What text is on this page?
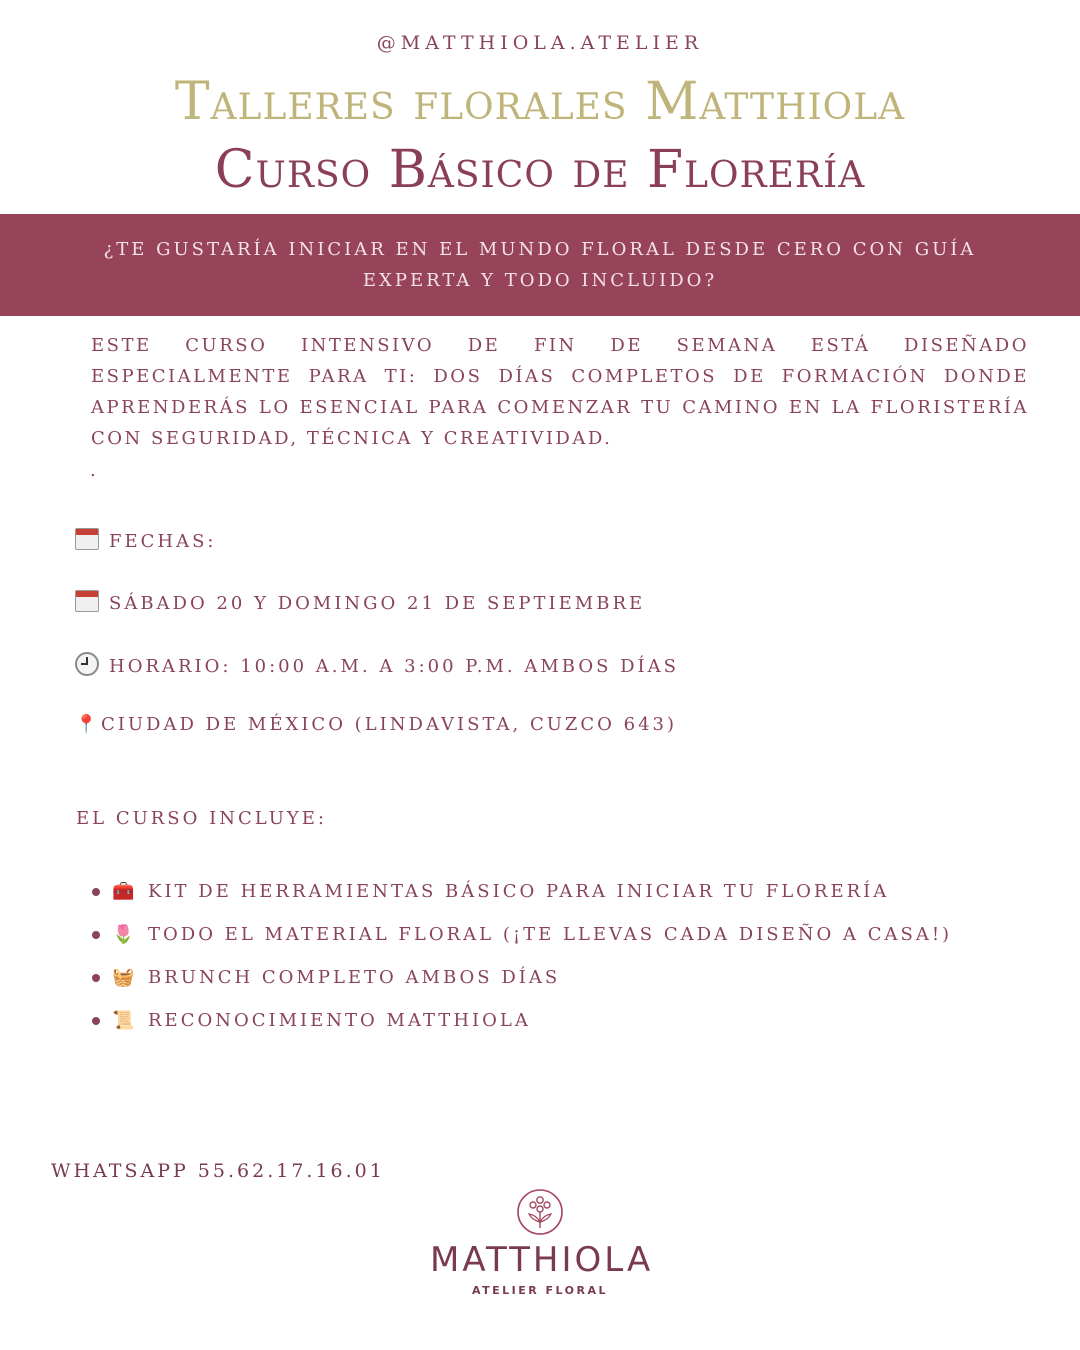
@MATTHIOLA.ATELIER
Talleres florales Matthiola
Curso Básico de Florería
¿TE GUSTARÍA INICIAR EN EL MUNDO FLORAL DESDE CERO CON GUÍA EXPERTA Y TODO INCLUIDO?
ESTE CURSO INTENSIVO DE FIN DE SEMANA ESTÁ DISEÑADO ESPECIALMENTE PARA TI: DOS DÍAS COMPLETOS DE FORMACIÓN DONDE APRENDERÁS LO ESENCIAL PARA COMENZAR TU CAMINO EN LA FLORISTERÍA CON SEGURIDAD, TÉCNICA Y CREATIVIDAD.
.
FECHAS:
SÁBADO 20 Y DOMINGO 21 DE SEPTIEMBRE
HORARIO: 10:00 A.M. A 3:00 P.M. AMBOS DÍAS
📍CIUDAD DE MÉXICO (LINDAVISTA, CUZCO 643)
EL CURSO INCLUYE:
🧰 KIT DE HERRAMIENTAS BÁSICO PARA INICIAR TU FLORERÍA
🌷 TODO EL MATERIAL FLORAL (¡TE LLEVAS CADA DISEÑO A CASA!)
🧺 BRUNCH COMPLETO AMBOS DÍAS
📜 RECONOCIMIENTO MATTHIOLA
WHATSAPP 55.62.17.16.01
MATTHIOLA
ATELIER FLORAL
